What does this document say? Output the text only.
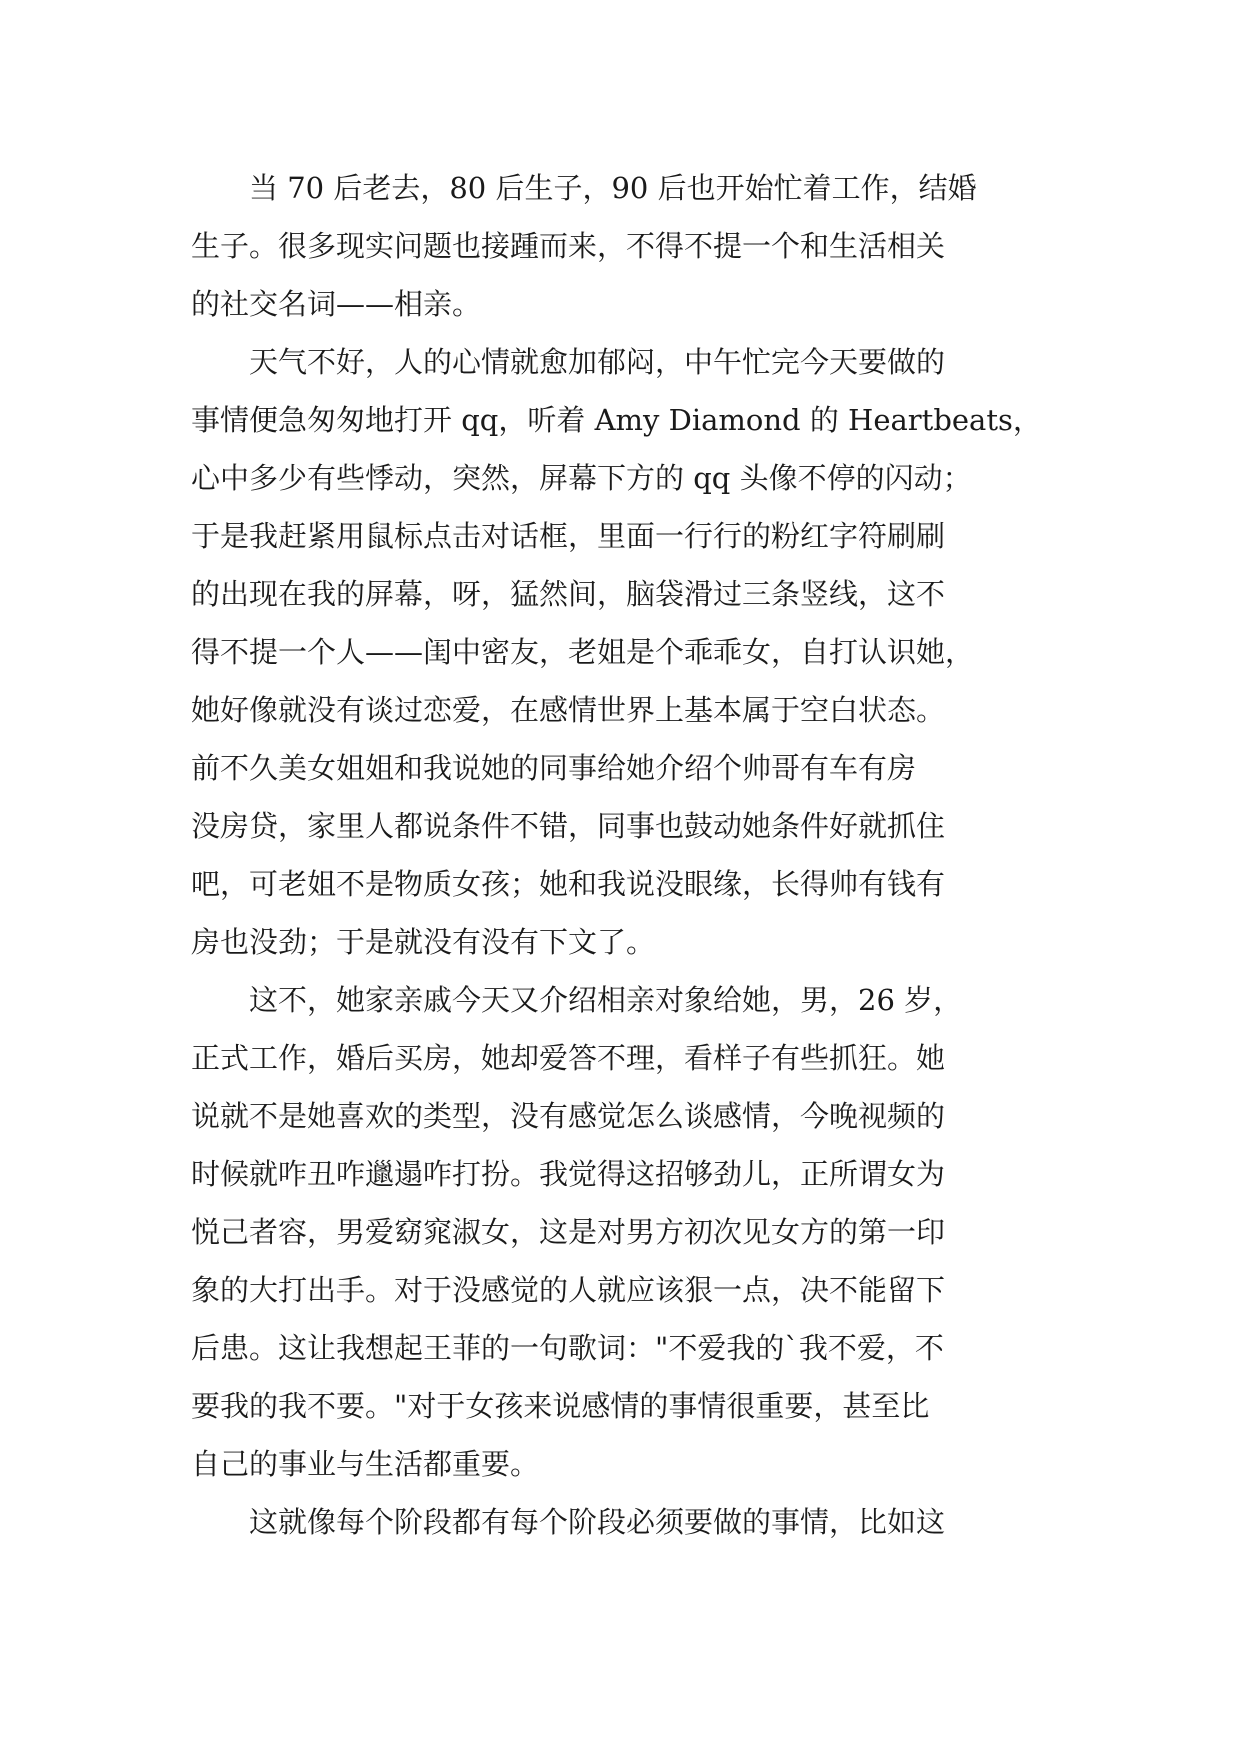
　　当 70 后老去，80 后生子，90 后也开始忙着工作，结婚
生子。很多现实问题也接踵而来，不得不提一个和生活相关
的社交名词——相亲。
　　天气不好，人的心情就愈加郁闷，中午忙完今天要做的
事情便急匆匆地打开 qq，听着 Amy Diamond 的 Heartbeats，
心中多少有些悸动，突然，屏幕下方的 qq 头像不停的闪动；
于是我赶紧用鼠标点击对话框，里面一行行的粉红字符刷刷
的出现在我的屏幕，呀，猛然间，脑袋滑过三条竖线，这不
得不提一个人——闺中密友，老姐是个乖乖女，自打认识她，
她好像就没有谈过恋爱，在感情世界上基本属于空白状态。
前不久美女姐姐和我说她的同事给她介绍个帅哥有车有房
没房贷，家里人都说条件不错，同事也鼓动她条件好就抓住
吧，可老姐不是物质女孩；她和我说没眼缘，长得帅有钱有
房也没劲；于是就没有没有下文了。
　　这不，她家亲戚今天又介绍相亲对象给她，男，26 岁，
正式工作，婚后买房，她却爱答不理，看样子有些抓狂。她
说就不是她喜欢的类型，没有感觉怎么谈感情，今晚视频的
时候就咋丑咋邋遢咋打扮。我觉得这招够劲儿，正所谓女为
悦己者容，男爱窈窕淑女，这是对男方初次见女方的第一印
象的大打出手。对于没感觉的人就应该狠一点，决不能留下
后患。这让我想起王菲的一句歌词："不爱我的`我不爱，不
要我的我不要。"对于女孩来说感情的事情很重要，甚至比
自己的事业与生活都重要。
　　这就像每个阶段都有每个阶段必须要做的事情，比如这
